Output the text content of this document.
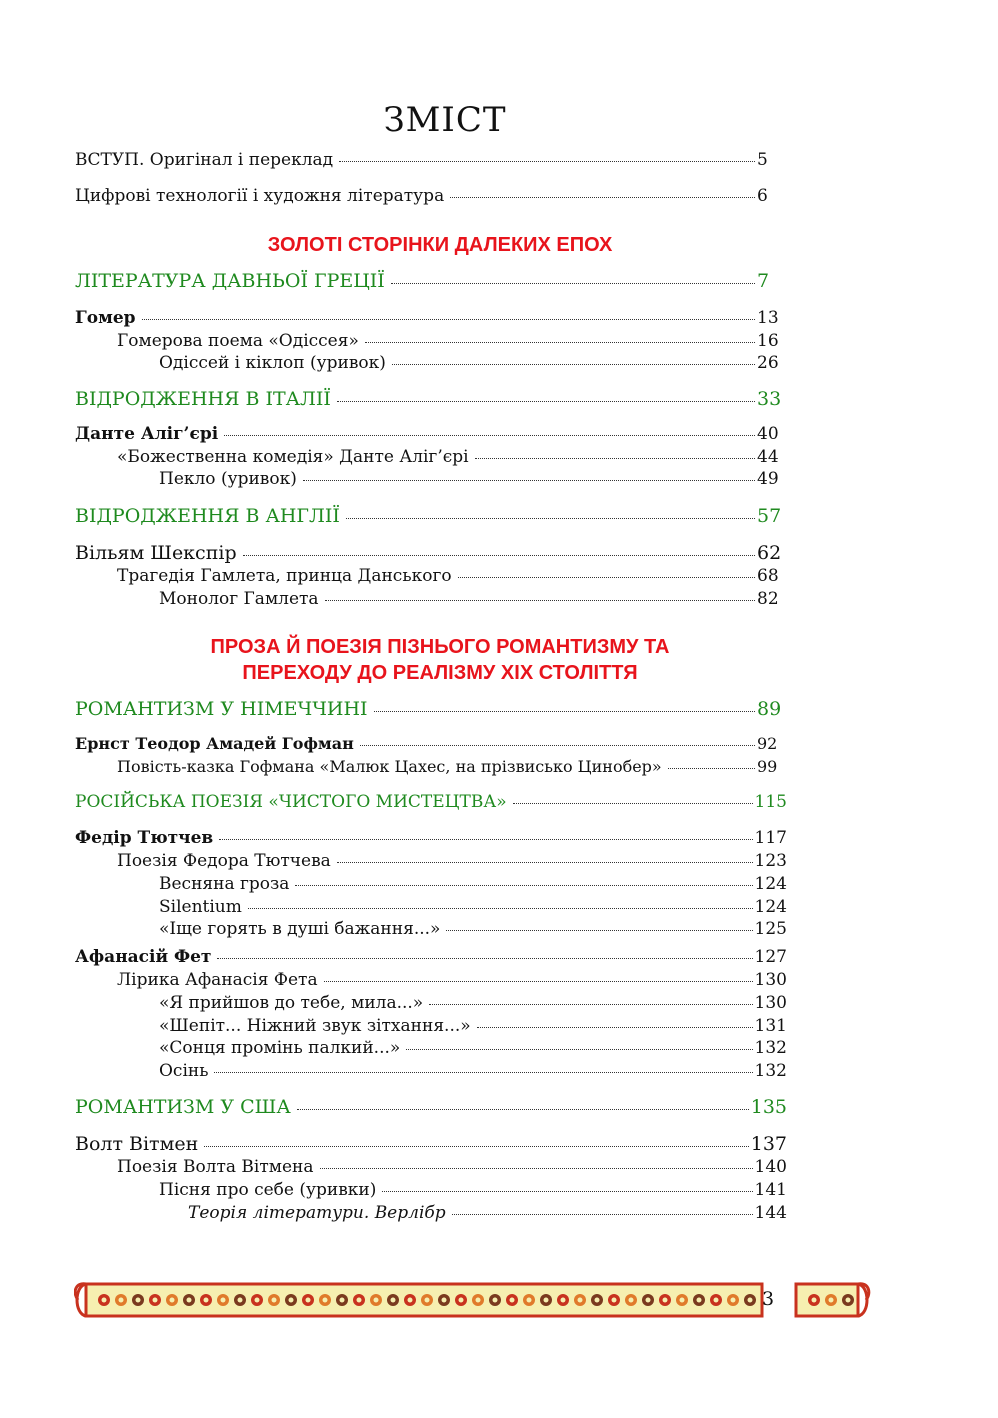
ЗМІСТ
ВСТУП. Оригінал і переклад	5
Цифрові технології і художня література	6
ЛІТЕРАТУРА ДАВНЬОЇ ГРЕЦІЇ	7
Гомер	13
Гомерова поема «Одіссея»	16
Одіссей і кіклоп (уривок)	26
ВІДРОДЖЕННЯ В ІТАЛІЇ	33
Данте Аліг’єрі	40
«Божественна комедія» Данте Аліг’єрі	44
Пекло (уривок)	49
ВІДРОДЖЕННЯ В АНГЛІЇ	57
Вільям Шекспір	62
Трагедія Гамлета, принца Данського	68
Монолог Гамлета	82
РОМАНТИЗМ У НІМЕЧЧИНІ	89
Ернст Теодор Амадей Гофман	92
Повість-казка Гофмана «Малюк Цахес, на прізвисько Цинобер»	99
РОСІЙСЬКА ПОЕЗІЯ «ЧИСТОГО МИСТЕЦТВА»	115
Федір Тютчев	117
Поезія Федора Тютчева	123
Весняна гроза	124
Silentium	124
«Іще горять в душі бажання...»	125
Афанасій Фет	127
Лірика Афанасія Фета	130
«Я прийшов до тебе, мила...»	130
«Шепіт... Ніжний звук зітхання...»	131
«Сонця промінь палкий...»	132
Осінь	132
РОМАНТИЗМ У США	135
Волт Вітмен	137
Поезія Волта Вітмена	140
Пісня про себе (уривки)	141
Теорія літератури. Верлібр	144
ЗОЛОТІ СТОРІНКИ ДАЛЕКИХ ЕПОХ
ПРОЗА Й ПОЕЗІЯ ПІЗНЬОГО РОМАНТИЗМУ ТА
ПЕРЕХОДУ ДО РЕАЛІЗМУ ХІХ СТОЛІТТЯ
3
